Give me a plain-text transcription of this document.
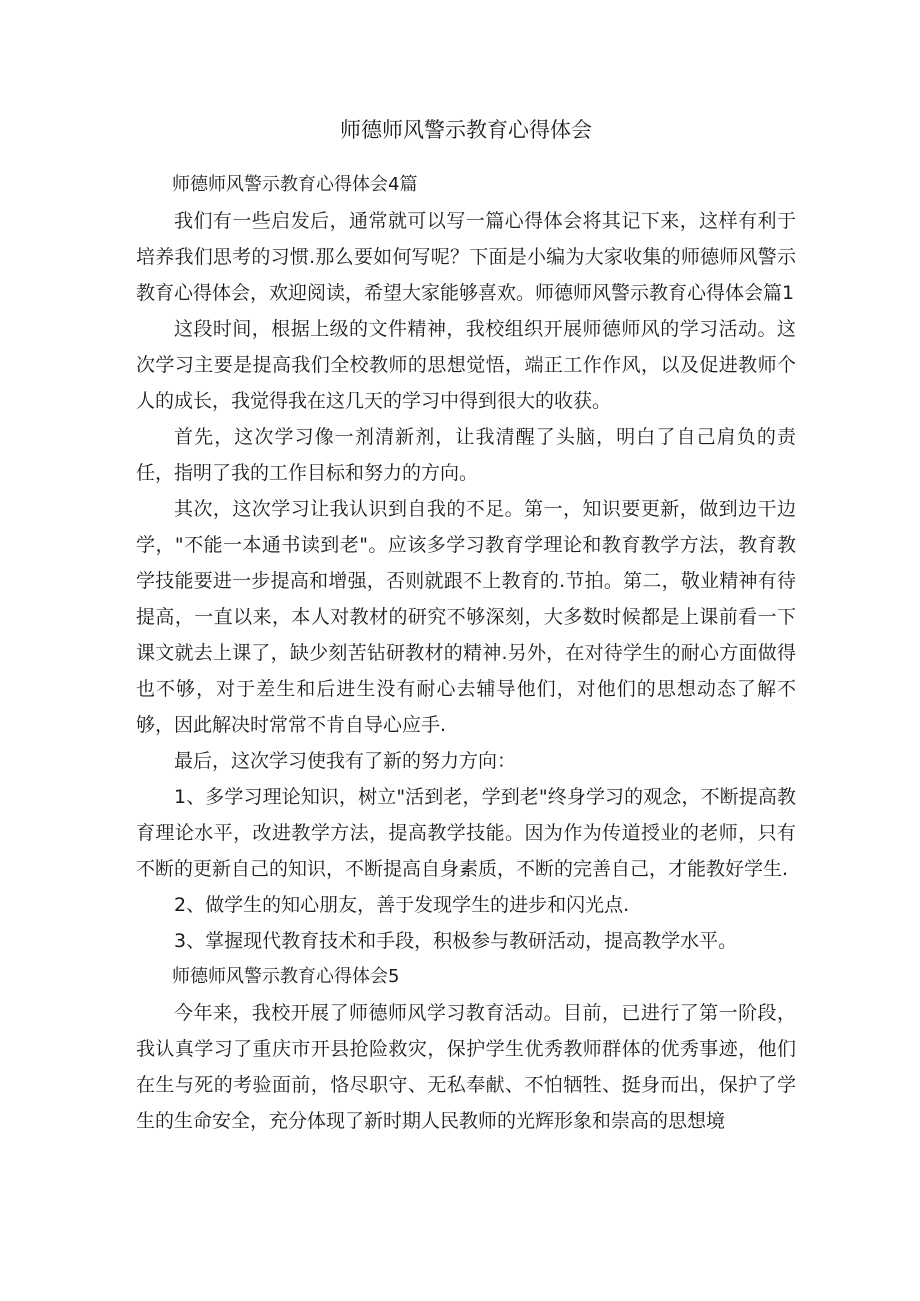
师德师风警示教育心得体会

师德师风警示教育心得体会4篇

我们有一些启发后，通常就可以写一篇心得体会将其记下来，这样有利于培养我们思考的习惯.那么要如何写呢？下面是小编为大家收集的师德师风警示教育心得体会，欢迎阅读，希望大家能够喜欢。师德师风警示教育心得体会篇1

这段时间，根据上级的文件精神，我校组织开展师德师风的学习活动。这次学习主要是提高我们全校教师的思想觉悟，端正工作作风，以及促进教师个人的成长，我觉得我在这几天的学习中得到很大的收获。

首先，这次学习像一剂清新剂，让我清醒了头脑，明白了自己肩负的责任，指明了我的工作目标和努力的方向。

其次，这次学习让我认识到自我的不足。第一，知识要更新，做到边干边学，"不能一本通书读到老"。应该多学习教育学理论和教育教学方法，教育教学技能要进一步提高和增强，否则就跟不上教育的.节拍。第二，敬业精神有待提高，一直以来，本人对教材的研究不够深刻，大多数时候都是上课前看一下课文就去上课了，缺少刻苦钻研教材的精神.另外，在对待学生的耐心方面做得也不够，对于差生和后进生没有耐心去辅导他们，对他们的思想动态了解不够，因此解决时常常不肯自导心应手.

最后，这次学习使我有了新的努力方向：

1、多学习理论知识，树立"活到老，学到老"终身学习的观念，不断提高教育理论水平，改进教学方法，提高教学技能。因为作为传道授业的老师，只有不断的更新自己的知识，不断提高自身素质，不断的完善自己，才能教好学生.

2、做学生的知心朋友，善于发现学生的进步和闪光点.

3、掌握现代教育技术和手段，积极参与教研活动，提高教学水平。

师德师风警示教育心得体会5

今年来，我校开展了师德师风学习教育活动。目前，已进行了第一阶段，我认真学习了重庆市开县抢险救灾，保护学生优秀教师群体的优秀事迹，他们在生与死的考验面前，恪尽职守、无私奉献、不怕牺牲、挺身而出，保护了学生的生命安全，充分体现了新时期人民教师的光辉形象和崇高的思想境
